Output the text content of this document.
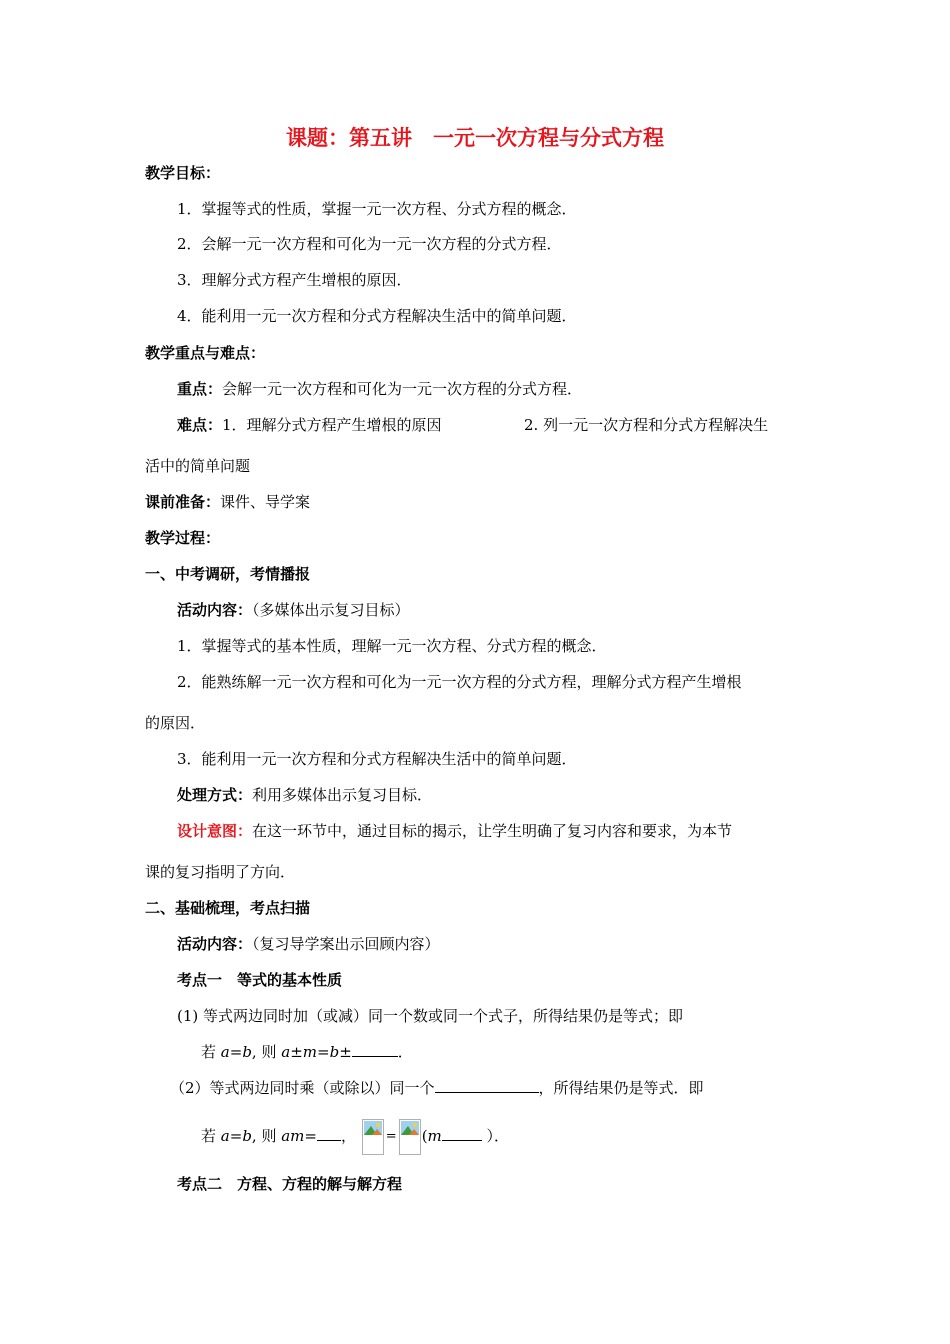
课题：第五讲　一元一次方程与分式方程
教学目标：
1．掌握等式的性质，掌握一元一次方程、分式方程的概念．
2．会解一元一次方程和可化为一元一次方程的分式方程．
3．理解分式方程产生增根的原因．
4．能利用一元一次方程和分式方程解决生活中的简单问题．
教学重点与难点：
重点：会解一元一次方程和可化为一元一次方程的分式方程．
难点：1．理解分式方程产生增根的原因	2. 列一元一次方程和分式方程解决生
活中的简单问题
课前准备：课件、导学案
教学过程：
一、中考调研，考情播报
活动内容：（多媒体出示复习目标）
1．掌握等式的基本性质，理解一元一次方程、分式方程的概念．
2．能熟练解一元一次方程和可化为一元一次方程的分式方程，理解分式方程产生增根
的原因．
3．能利用一元一次方程和分式方程解决生活中的简单问题．
处理方式：利用多媒体出示复习目标．
设计意图：在这一环节中，通过目标的揭示，让学生明确了复习内容和要求，为本节
课的复习指明了方向．
二、基础梳理，考点扫描
活动内容：（复习导学案出示回顾内容）
考点一　等式的基本性质
(1) 等式两边同时加（或减）同一个数或同一个式子，所得结果仍是等式；即
若 a=b, 则 a±m=b±	．
（2）等式两边同时乘（或除以）同一个	，所得结果仍是等式．即
若 a=b, 则 am= ， = (m	）．
考点二　方程、方程的解与解方程
